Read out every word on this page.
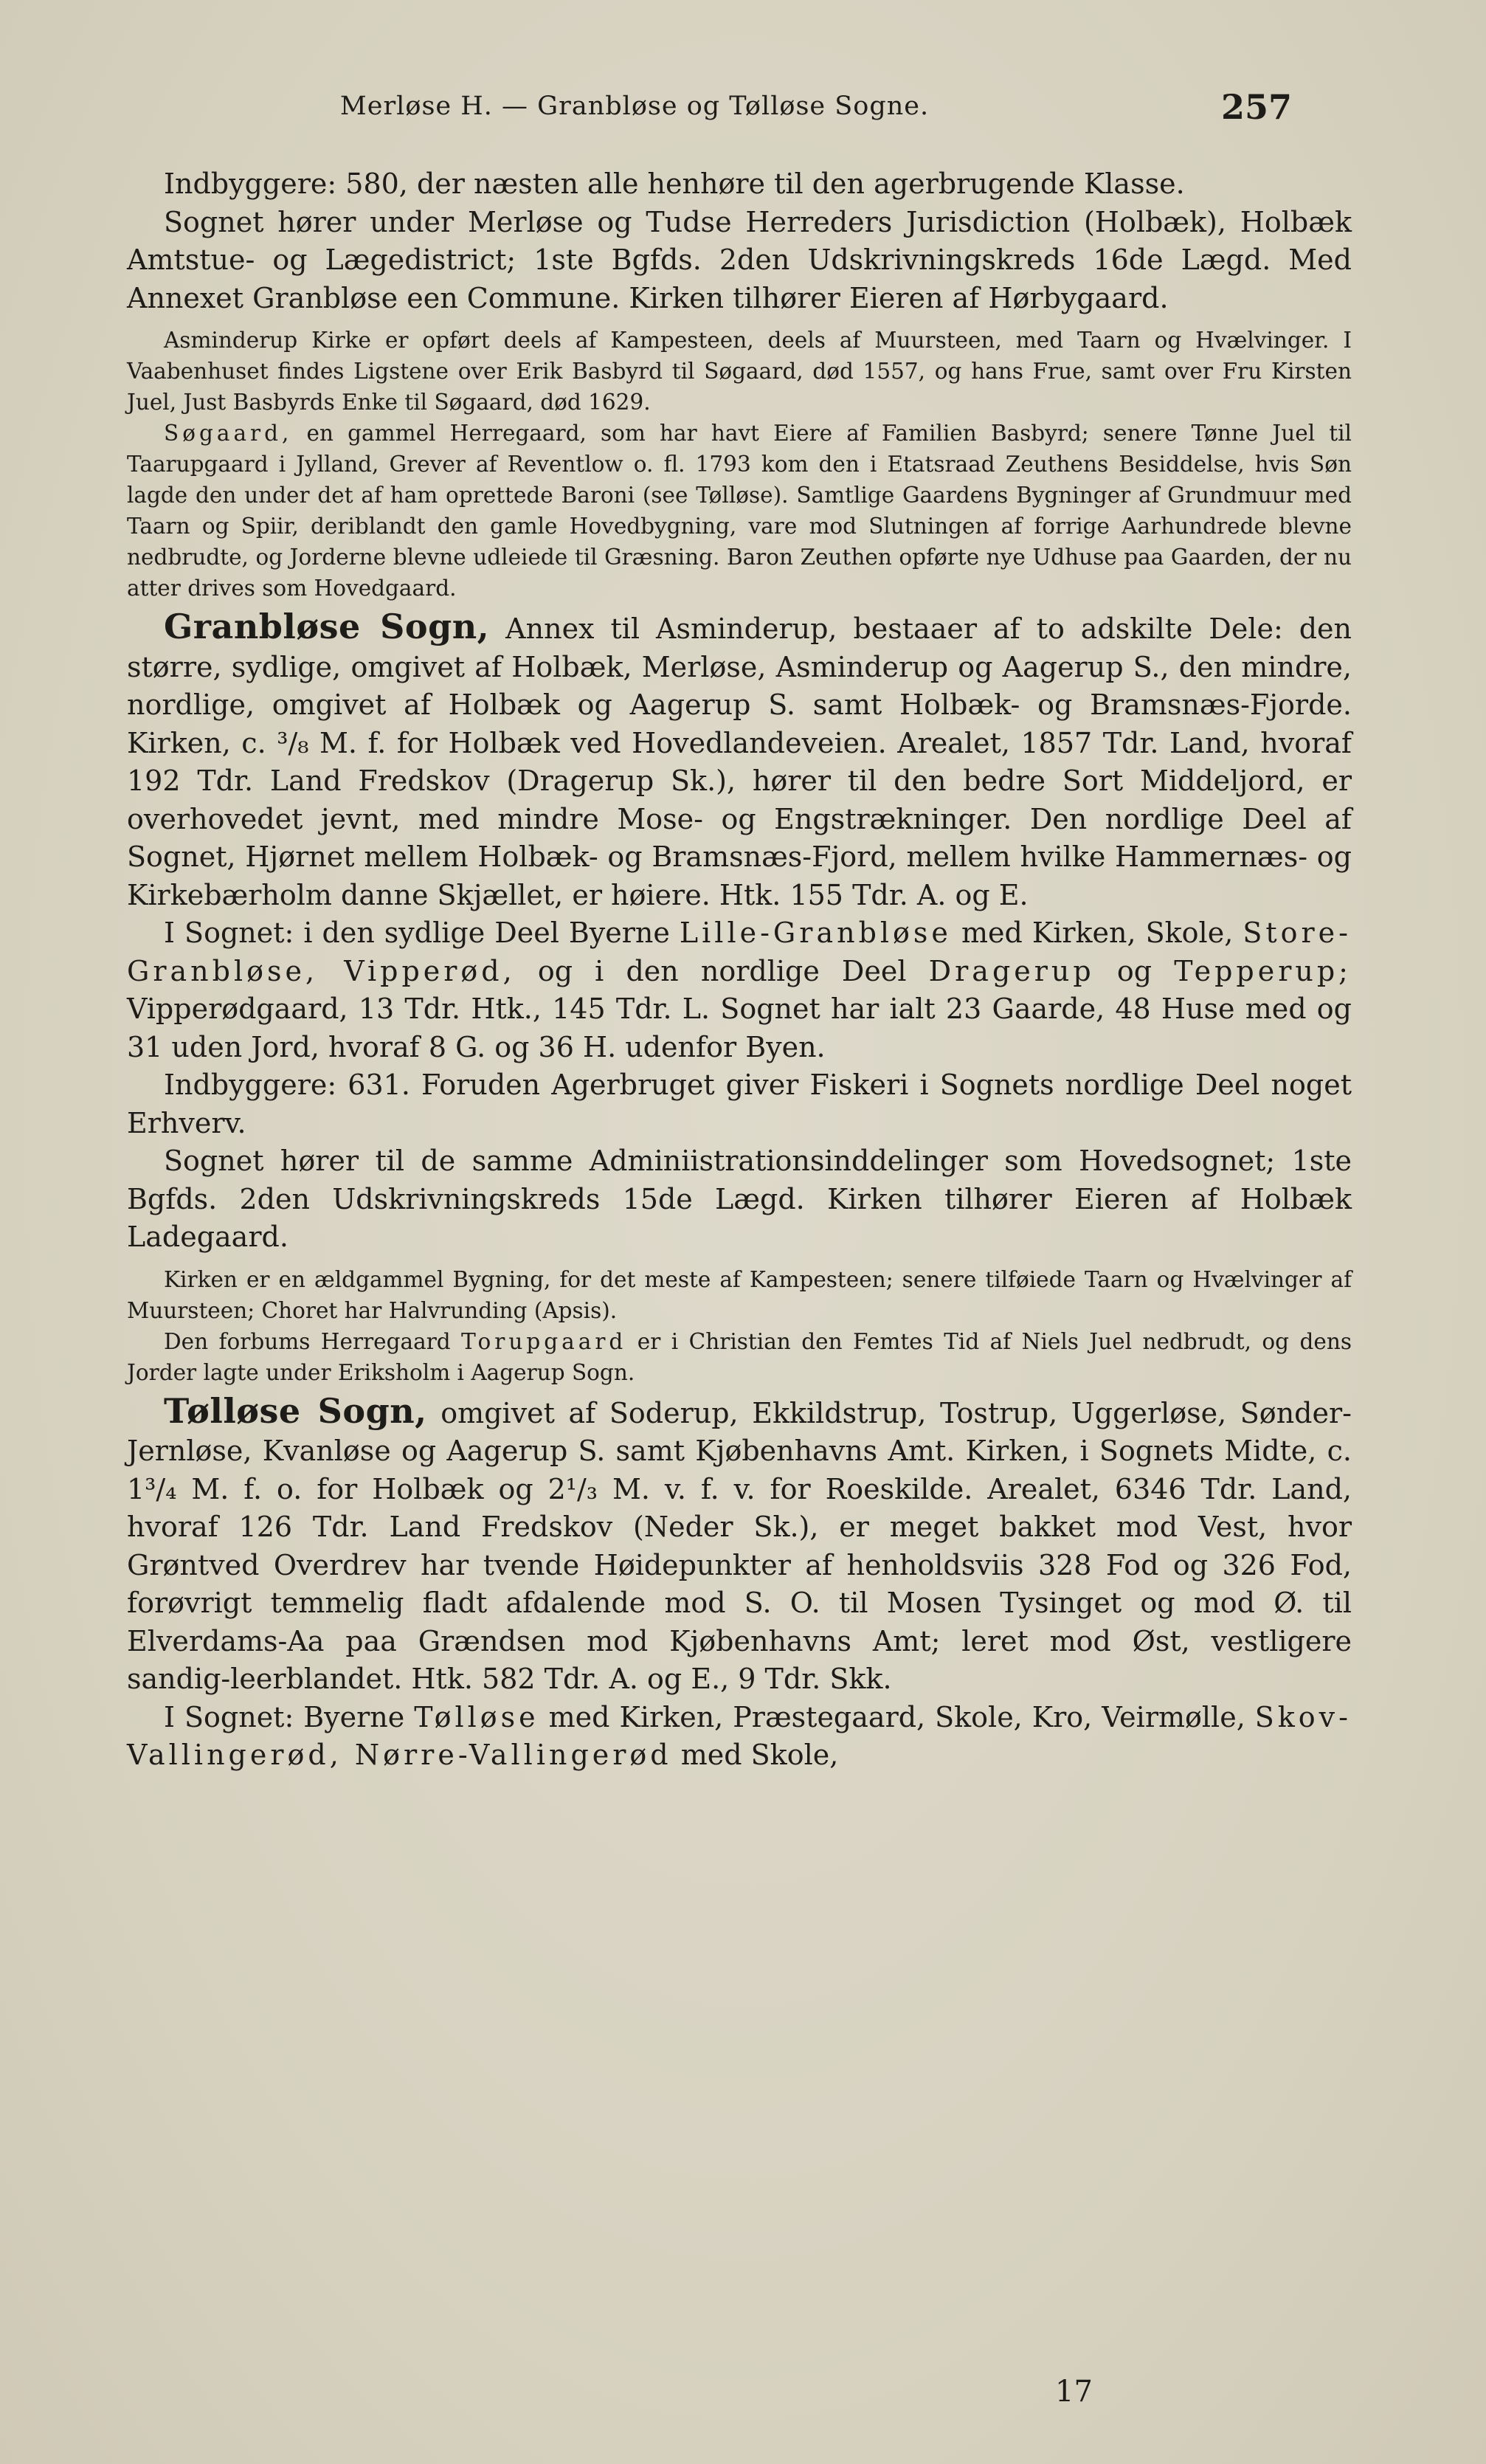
Merløse H. — Granbløse og Tølløse Sogne.	257

Indbyggere: 580, der næsten alle henhøre til den agerbrugende Klasse.

Sognet hører under Merløse og Tudse Herreders Jurisdiction (Holbæk), Holbæk Amtstue- og Lægedistrict; 1ste Bgfds. 2den Udskrivningskreds 16de Lægd. Med Annexet Granbløse een Commune. Kirken tilhører Eieren af Hørbygaard.

Asminderup Kirke er opført deels af Kampesteen, deels af Muursteen, med Taarn og Hvælvinger. I Vaabenhuset findes Ligstene over Erik Basbyrd til Søgaard, død 1557, og hans Frue, samt over Fru Kirsten Juel, Just Basbyrds Enke til Søgaard, død 1629.

Søgaard, en gammel Herregaard, som har havt Eiere af Familien Basbyrd; senere Tønne Juel til Taarupgaard i Jylland, Grever af Reventlow o. fl. 1793 kom den i Etatsraad Zeuthens Besiddelse, hvis Søn lagde den under det af ham oprettede Baroni (see Tølløse). Samtlige Gaardens Bygninger af Grundmuur med Taarn og Spiir, deriblandt den gamle Hovedbygning, vare mod Slutningen af forrige Aarhundrede blevne nedbrudte, og Jorderne blevne udleiede til Græsning. Baron Zeuthen opførte nye Udhuse paa Gaarden, der nu atter drives som Hovedgaard.

Granbløse Sogn, Annex til Asminderup, bestaaer af to adskilte Dele: den større, sydlige, omgivet af Holbæk, Merløse, Asminderup og Aagerup S., den mindre, nordlige, omgivet af Holbæk og Aagerup S. samt Holbæk- og Bramsnæs-Fjorde. Kirken, c. ³/₈ M. f. for Holbæk ved Hovedlandeveien. Arealet, 1857 Tdr. Land, hvoraf 192 Tdr. Land Fredskov (Dragerup Sk.), hører til den bedre Sort Middeljord, er overhovedet jevnt, med mindre Mose- og Engstrækninger. Den nordlige Deel af Sognet, Hjørnet mellem Holbæk- og Bramsnæs-Fjord, mellem hvilke Hammernæs- og Kirkebærholm danne Skjællet, er høiere. Htk. 155 Tdr. A. og E.

I Sognet: i den sydlige Deel Byerne Lille-Granbløse med Kirken, Skole, Store-Granbløse, Vipperød, og i den nordlige Deel Dragerup og Tepperup; Vipperødgaard, 13 Tdr. Htk., 145 Tdr. L. Sognet har ialt 23 Gaarde, 48 Huse med og 31 uden Jord, hvoraf 8 G. og 36 H. udenfor Byen.

Indbyggere: 631. Foruden Agerbruget giver Fiskeri i Sognets nordlige Deel noget Erhverv.

Sognet hører til de samme Adminiistrationsinddelinger som Hovedsognet; 1ste Bgfds. 2den Udskrivningskreds 15de Lægd. Kirken tilhører Eieren af Holbæk Ladegaard.

Kirken er en ældgammel Bygning, for det meste af Kampesteen; senere tilføiede Taarn og Hvælvinger af Muursteen; Choret har Halvrunding (Apsis).

Den forbums Herregaard Torupgaard er i Christian den Femtes Tid af Niels Juel nedbrudt, og dens Jorder lagte under Eriksholm i Aagerup Sogn.

Tølløse Sogn, omgivet af Soderup, Ekkildstrup, Tostrup, Uggerløse, Sønder-Jernløse, Kvanløse og Aagerup S. samt Kjøbenhavns Amt. Kirken, i Sognets Midte, c. 1³/₄ M. f. o. for Holbæk og 2¹/₃ M. v. f. v. for Roeskilde. Arealet, 6346 Tdr. Land, hvoraf 126 Tdr. Land Fredskov (Neder Sk.), er meget bakket mod Vest, hvor Grøntved Overdrev har tvende Høidepunkter af henholdsviis 328 Fod og 326 Fod, forøvrigt temmelig fladt afdalende mod S. O. til Mosen Tysinget og mod Ø. til Elverdams-Aa paa Grændsen mod Kjøbenhavns Amt; leret mod Øst, vestligere sandig-leerblandet. Htk. 582 Tdr. A. og E., 9 Tdr. Skk.

I Sognet: Byerne Tølløse med Kirken, Præstegaard, Skole, Kro, Veirmølle, Skov-Vallingerød, Nørre-Vallingerød med Skole,

17
